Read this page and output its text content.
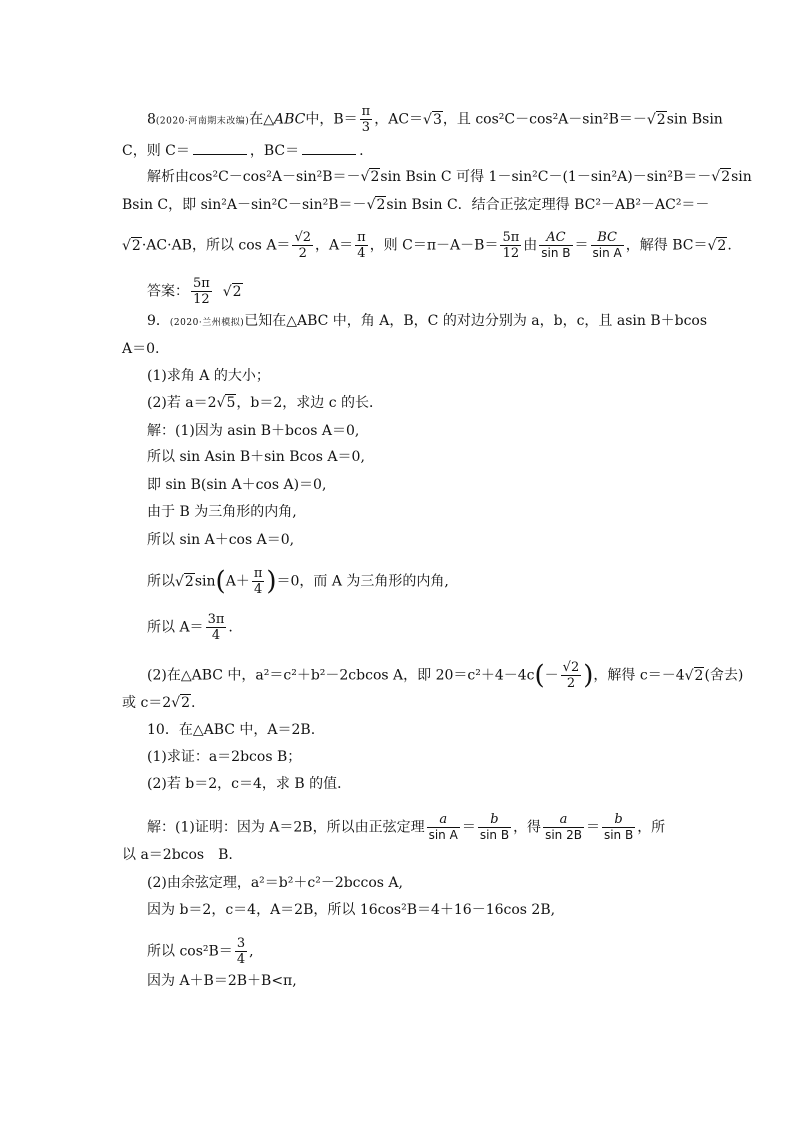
8(2020·河南期末改编)在△ABC中，$B= \frac{\pi}{3}$ ，AC＝√3，且 cos²C－cos²A－sin²B＝－√2sin Bsin
C，则 C＝	，BC＝	.
解析由cos²C－cos²A－sin²B＝－√2sin Bsin C 可得 1－sin²C－(1－sin²A)－sin²B＝－√2sin
Bsin C，即 sin²A－sin²C－sin²B＝－√2sin Bsin C．结合正弦定理得 BC²－AB²－AC²＝－
√2·AC·AB，所以 $\cos A= \frac{√2}{2}$ ，$A= \frac{\pi}{4}$ ，则 $C=\pi-A-B= \frac{5\pi}{12}$ 由 $\frac{AC}{\text{sin B}} = \frac{BC}{\text{sin A}}$ ，解得 BC＝√2.
答案： $\frac{5\pi}{12} √2$
9．(2020·兰州模拟)已知在△ABC 中，角 A，B，C 的对边分别为 a，b，c，且 asin B＋bcos
A＝0.
(1)求角 A 的大小；
(2)若 a＝2√5，b＝2，求边 c 的长．
解：(1)因为 asin B＋bcos A＝0,
所以 sin Asin B＋sin Bcos A＝0,
即 sin B(sin A＋cos A)＝0,
由于 B 为三角形的内角,
所以 sin A＋cos A＝0,
所以$√2\sin(A+ \frac{\pi}{4} )=0$，而 A 为三角形的内角,
所以 $A= \frac{3\pi}{4}$ .
(2)在△ABC 中，a²＝c²＋b²－2cbcos A，即 $20=c^2+4-4c(- \frac{√2}{2}$ )，解得 c＝－4√2(舍去)
或 c＝2√2.
10．在△ABC 中，A＝2B.
(1)求证：a＝2bcos B；
(2)若 b＝2，c＝4，求 B 的值．
解：(1)证明：因为 A＝2B，所以由正弦定理 $\frac{a}{\text{sin A}} = \frac{b}{\text{sin B}}$ ，得 $\frac{a}{\sin 2B} = \frac{b}{\text{sin B}}$ ，所
以 a＝2bcos　B.
(2)由余弦定理，a²＝b²＋c²－2bccos A,
因为 b＝2，c＝4，A＝2B，所以 16cos²B＝4＋16－16cos 2B,
所以 $\cos^2B= \frac{3}{4}$ ,
因为 A＋B＝2B＋B<π,
